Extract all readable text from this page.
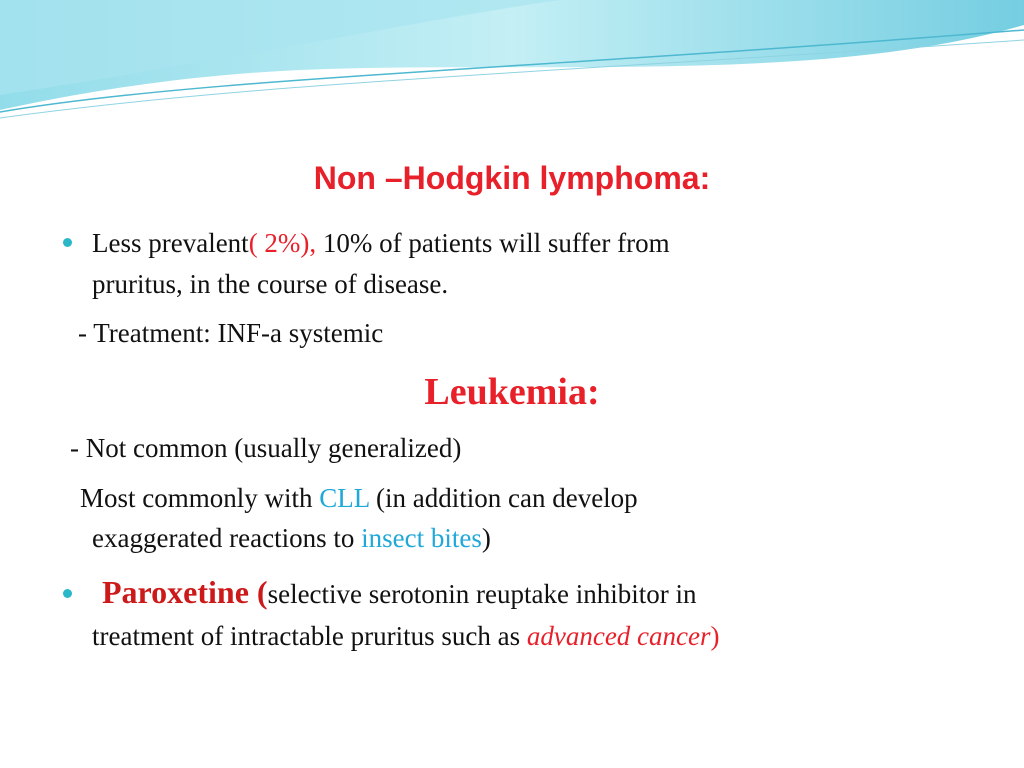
Non –Hodgkin lymphoma:
Less prevalent( 2%), 10% of patients will suffer from
pruritus, in the course of disease.
- Treatment: INF-a systemic
Leukemia:
- Not common (usually generalized)
Most commonly with CLL (in addition can develop
exaggerated reactions to insect bites)
Paroxetine (selective serotonin reuptake inhibitor in
treatment of intractable pruritus such as advanced cancer)
